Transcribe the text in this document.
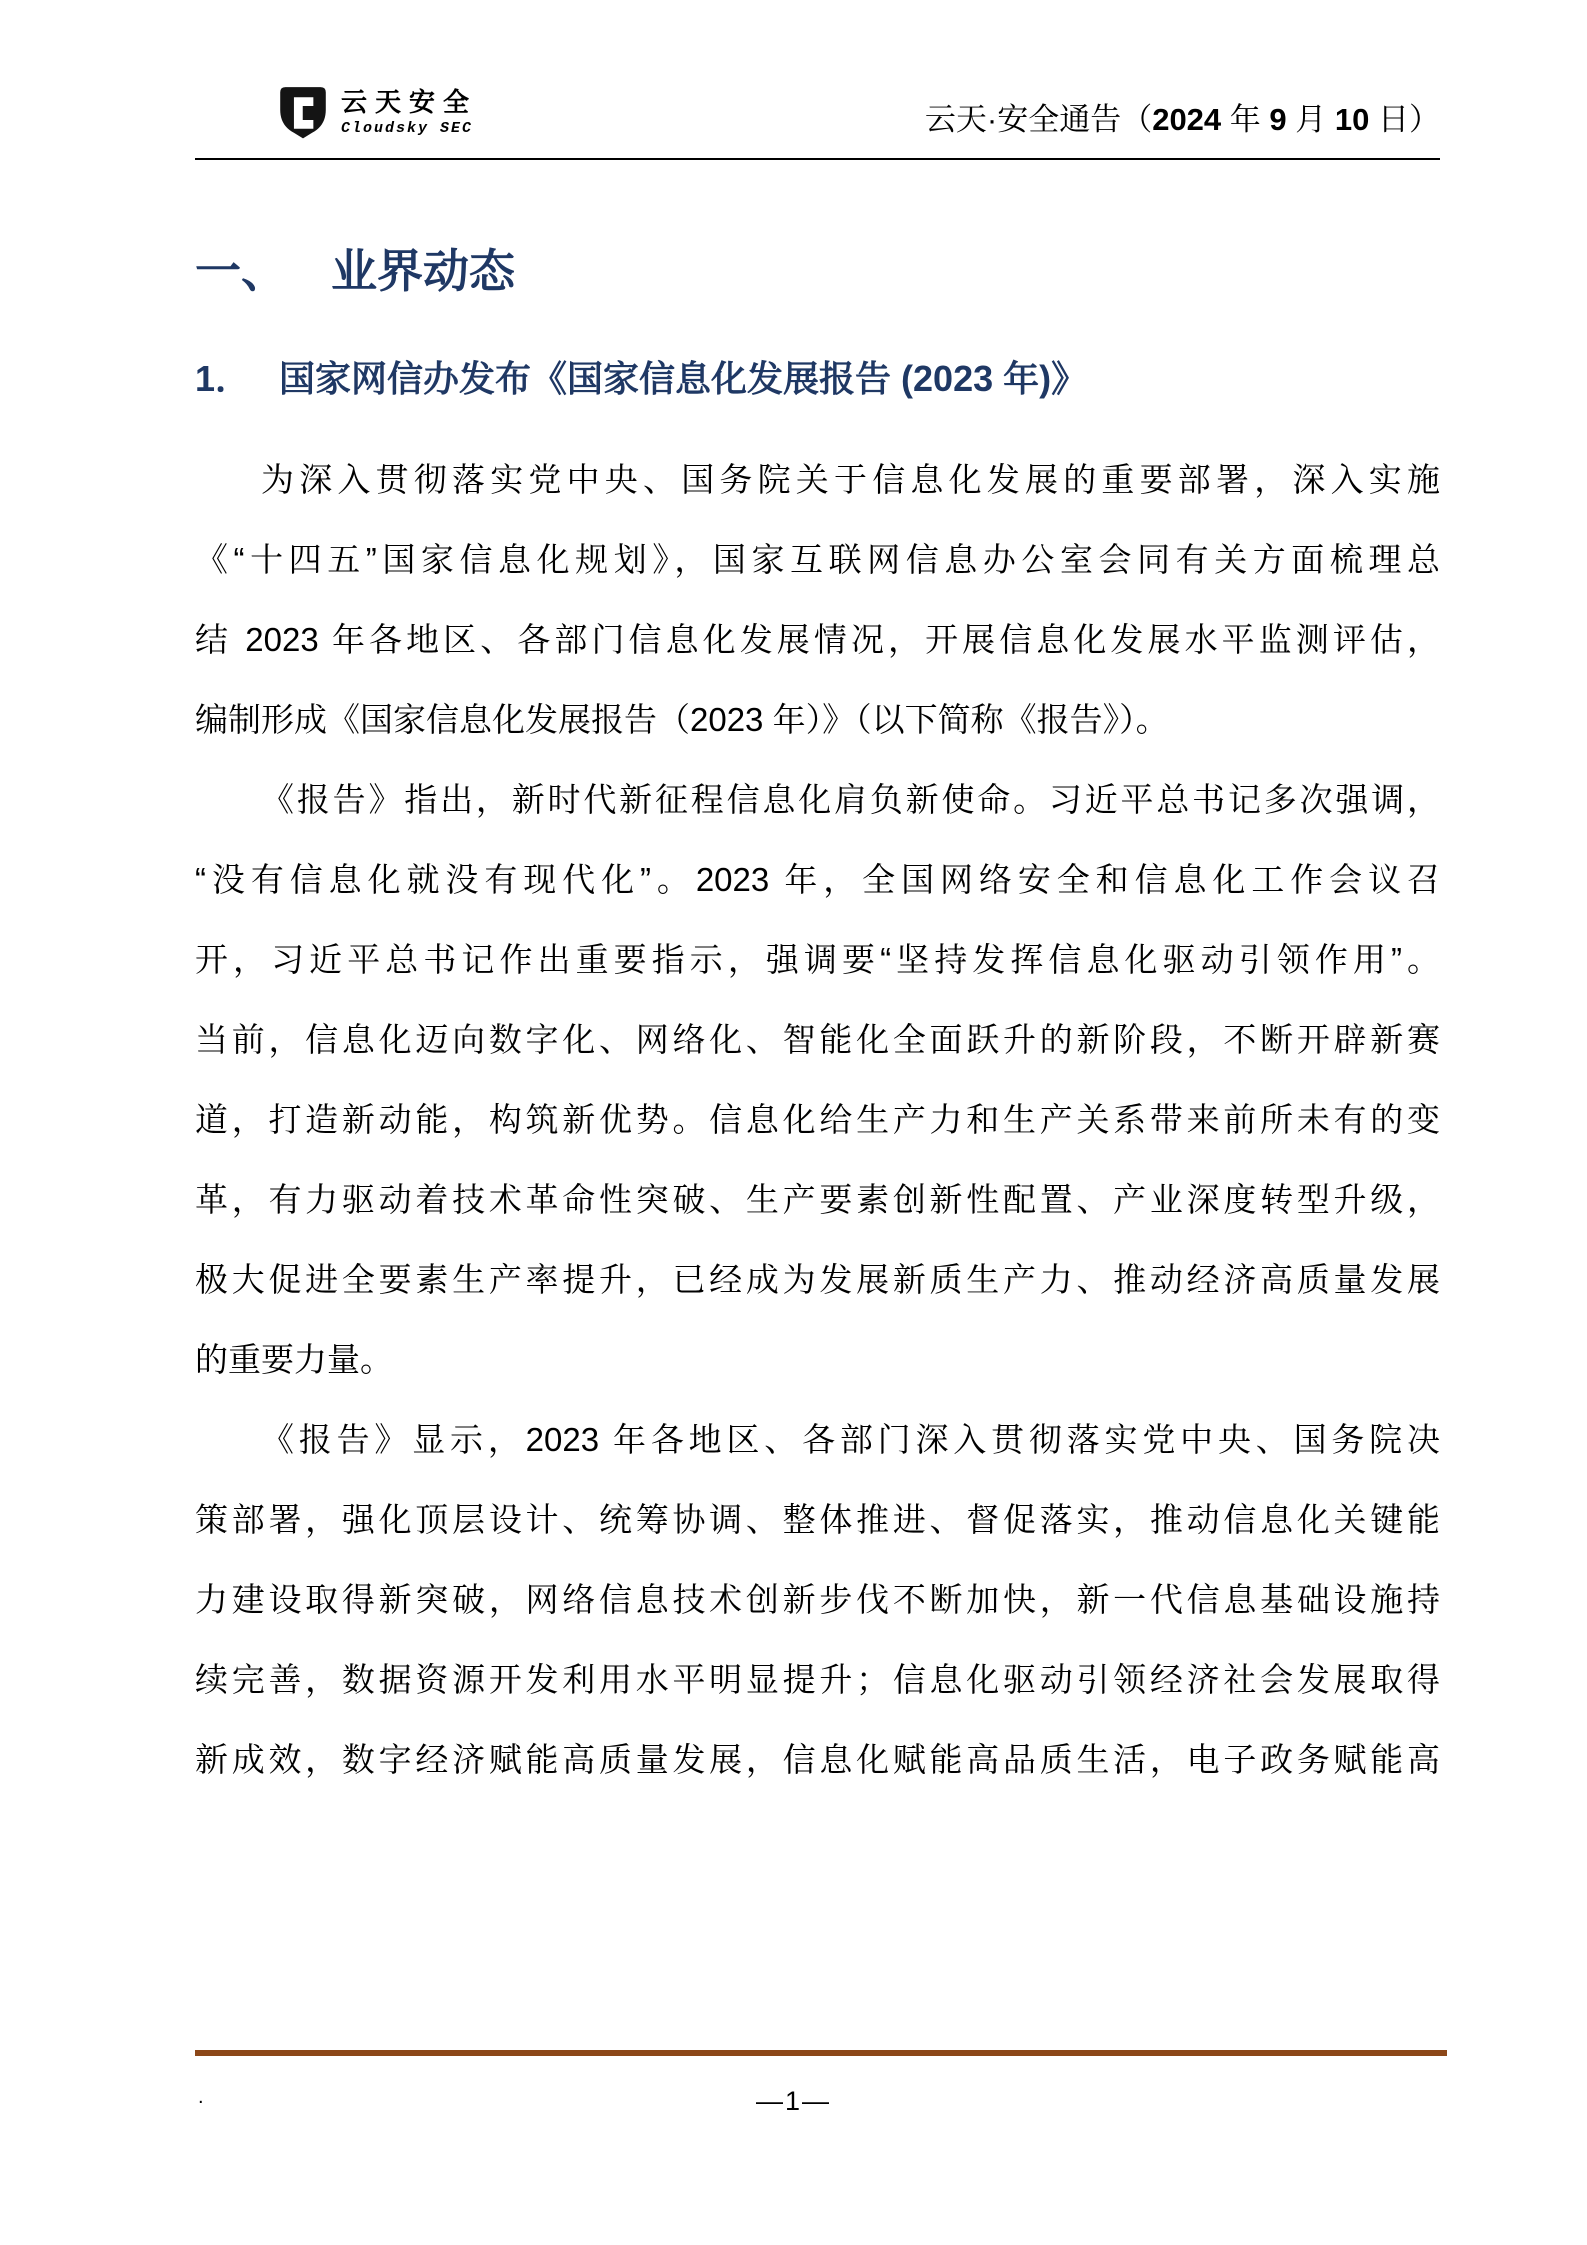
云天安全
Cloudsky SEC	云天·安全通告（2024 年 9 月 10 日）
一、 业界动态
1． 国家网信办发布《国家信息化发展报告 (2023 年)》
为深入贯彻落实党中央、国务院关于信息化发展的重要部署，深入实施
《“十四五”国家信息化规划》，国家互联网信息办公室会同有关方面梳理总
结 2023 年各地区、各部门信息化发展情况，开展信息化发展水平监测评估，
编制形成《国家信息化发展报告（2023 年）》（以下简称《报告》）。
《报告》指出，新时代新征程信息化肩负新使命。习近平总书记多次强调，
“没有信息化就没有现代化”。2023 年，全国网络安全和信息化工作会议召
开，习近平总书记作出重要指示，强调要“坚持发挥信息化驱动引领作用”。
当前，信息化迈向数字化、网络化、智能化全面跃升的新阶段，不断开辟新赛
道，打造新动能，构筑新优势。信息化给生产力和生产关系带来前所未有的变
革，有力驱动着技术革命性突破、生产要素创新性配置、产业深度转型升级，
极大促进全要素生产率提升，已经成为发展新质生产力、推动经济高质量发展
的重要力量。
《报告》显示，2023 年各地区、各部门深入贯彻落实党中央、国务院决
策部署，强化顶层设计、统筹协调、整体推进、督促落实，推动信息化关键能
力建设取得新突破，网络信息技术创新步伐不断加快，新一代信息基础设施持
续完善，数据资源开发利用水平明显提升；信息化驱动引领经济社会发展取得
新成效，数字经济赋能高质量发展，信息化赋能高品质生活，电子政务赋能高
.	—1—
